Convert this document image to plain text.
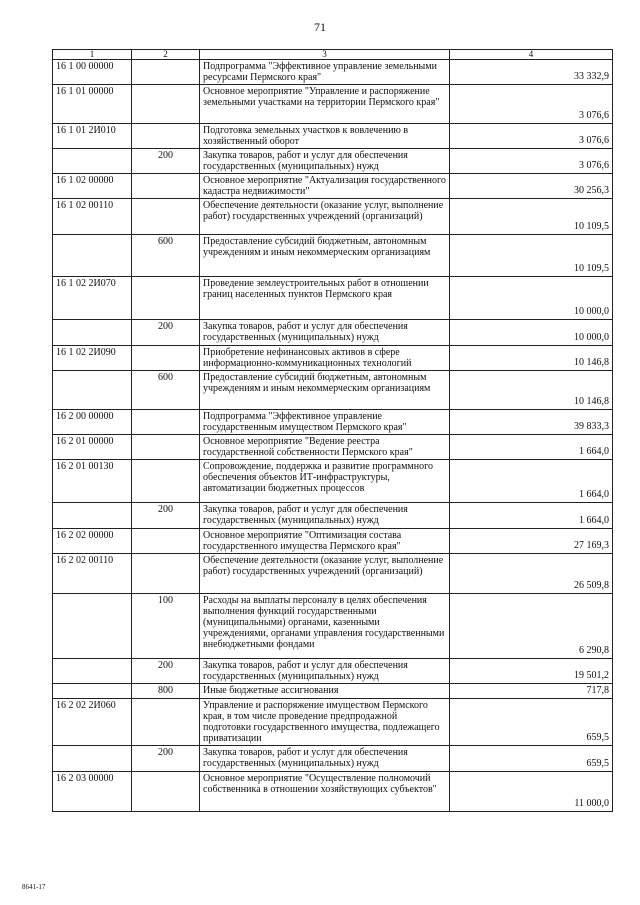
71
1	2	3	4
16 1 00 00000		Подпрограмма "Эффективное управление земельными ресурсами Пермского края"	33 332,9
16 1 01 00000		Основное мероприятие "Управление и распоряжение земельными участками на территории Пермского края"	3 076,6
16 1 01 2И010		Подготовка земельных участков к вовлечению в хозяйственный оборот	3 076,6
	200	Закупка товаров, работ и услуг для обеспечения государственных (муниципальных) нужд	3 076,6
16 1 02 00000		Основное мероприятие "Актуализация государственного кадастра недвижимости"	30 256,3
16 1 02 00110		Обеспечение деятельности (оказание услуг, выполнение работ) государственных учреждений (организаций)	10 109,5
	600	Предоставление субсидий бюджетным, автономным учреждениям и иным некоммерческим организациям	10 109,5
16 1 02 2И070		Проведение землеустроительных работ в отношении границ населенных пунктов Пермского края	10 000,0
	200	Закупка товаров, работ и услуг для обеспечения государственных (муниципальных) нужд	10 000,0
16 1 02 2И090		Приобретение нефинансовых активов в сфере информационно-коммуникационных технологий	10 146,8
	600	Предоставление субсидий бюджетным, автономным учреждениям и иным некоммерческим организациям	10 146,8
16 2 00 00000		Подпрограмма "Эффективное управление государственным имуществом Пермского края"	39 833,3
16 2 01 00000		Основное мероприятие "Ведение реестра государственной собственности Пермского края"	1 664,0
16 2 01 00130		Сопровождение, поддержка и развитие программного обеспечения объектов ИТ-инфраструктуры, автоматизации бюджетных процессов	1 664,0
	200	Закупка товаров, работ и услуг для обеспечения государственных (муниципальных) нужд	1 664,0
16 2 02 00000		Основное мероприятие "Оптимизация состава государственного имущества Пермского края"	27 169,3
16 2 02 00110		Обеспечение деятельности (оказание услуг, выполнение работ) государственных учреждений (организаций)	26 509,8
	100	Расходы на выплаты персоналу в целях обеспечения выполнения функций государственными (муниципальными) органами, казенными учреждениями, органами управления государственными внебюджетными фондами	6 290,8
	200	Закупка товаров, работ и услуг для обеспечения государственных (муниципальных) нужд	19 501,2
	800	Иные бюджетные ассигнования	717,8
16 2 02 2И060		Управление и распоряжение имуществом Пермского края, в том числе проведение предпродажной подготовки государственного имущества, подлежащего приватизации	659,5
	200	Закупка товаров, работ и услуг для обеспечения государственных (муниципальных) нужд	659,5
16 2 03 00000		Основное мероприятие "Осуществление полномочий собственника в отношении хозяйствующих субъектов"	11 000,0
8641-17
